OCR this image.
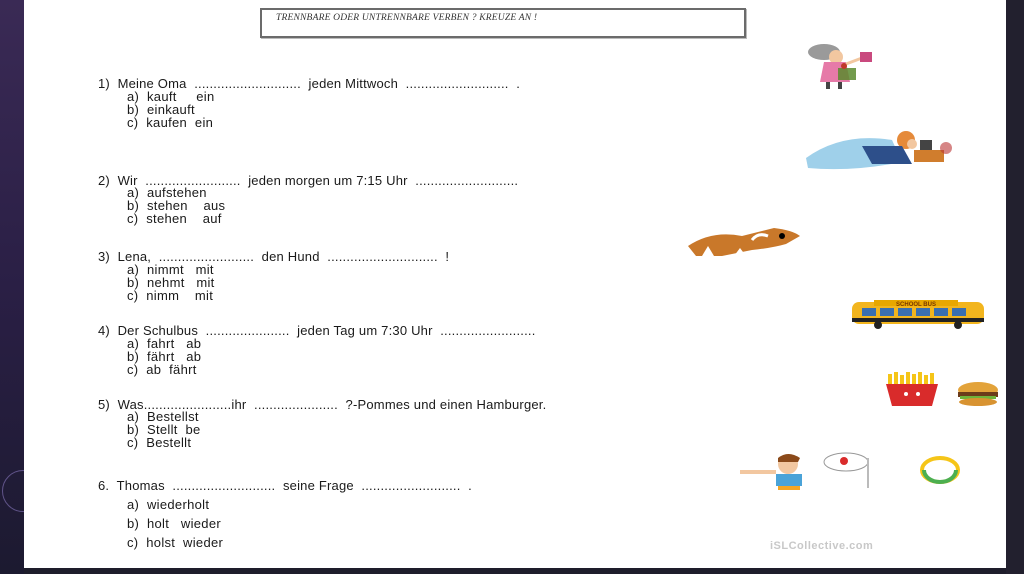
TRENNBARE ODER UNTRENNBARE VERBEN ? KREUZE AN !
1)  Meine Oma  ............................  jeden Mittwoch  ...........................  .
a)  kauft     ein
b)  einkauft
c)  kaufen  ein
2)  Wir  .........................  jeden morgen um 7:15 Uhr  ...........................
a)  aufstehen
b)  stehen    aus
c)  stehen    auf
3)  Lena,  .........................  den Hund  .............................  !
a)  nimmt   mit
b)  nehmt   mit
c)  nimm    mit
4)  Der Schulbus  ......................  jeden Tag um 7:30 Uhr  .........................
a)  fahrt   ab
b)  fährt   ab
c)  ab  fährt
5)  Was.......................ihr  ......................  ?-Pommes und einen Hamburger.
a)  Bestellst
b)  Stellt  be
c)  Bestellt
6.  Thomas  ...........................  seine Frage  ..........................  .
a)  wiederholt
b)  holt   wieder
c)  holst  wieder	iSLCollective.com
SCHOOL BUS
